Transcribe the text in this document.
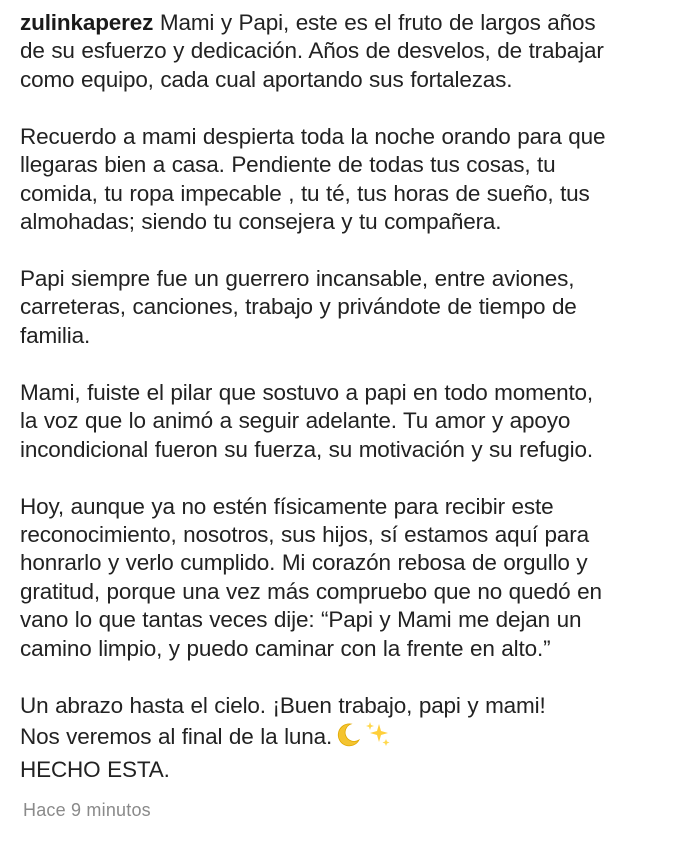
zulinkaperez Mami y Papi, este es el fruto de largos años
de su esfuerzo y dedicación. Años de desvelos, de trabajar
como equipo, cada cual aportando sus fortalezas.

Recuerdo a mami despierta toda la noche orando para que
llegaras bien a casa. Pendiente de todas tus cosas, tu
comida, tu ropa impecable , tu té, tus horas de sueño, tus
almohadas; siendo tu consejera y tu compañera.

Papi siempre fue un guerrero incansable, entre aviones,
carreteras, canciones, trabajo y privándote de tiempo de
familia.

Mami, fuiste el pilar que sostuvo a papi en todo momento,
la voz que lo animó a seguir adelante. Tu amor y apoyo
incondicional fueron su fuerza, su motivación y su refugio.

Hoy, aunque ya no estén físicamente para recibir este
reconocimiento, nosotros, sus hijos, sí estamos aquí para
honrarlo y verlo cumplido. Mi corazón rebosa de orgullo y
gratitud, porque una vez más compruebo que no quedó en
vano lo que tantas veces dije: “Papi y Mami me dejan un
camino limpio, y puedo caminar con la frente en alto.”

Un abrazo hasta el cielo. ¡Buen trabajo, papi y mami!
Nos veremos al final de la luna.
HECHO ESTA.

Hace 9 minutos
